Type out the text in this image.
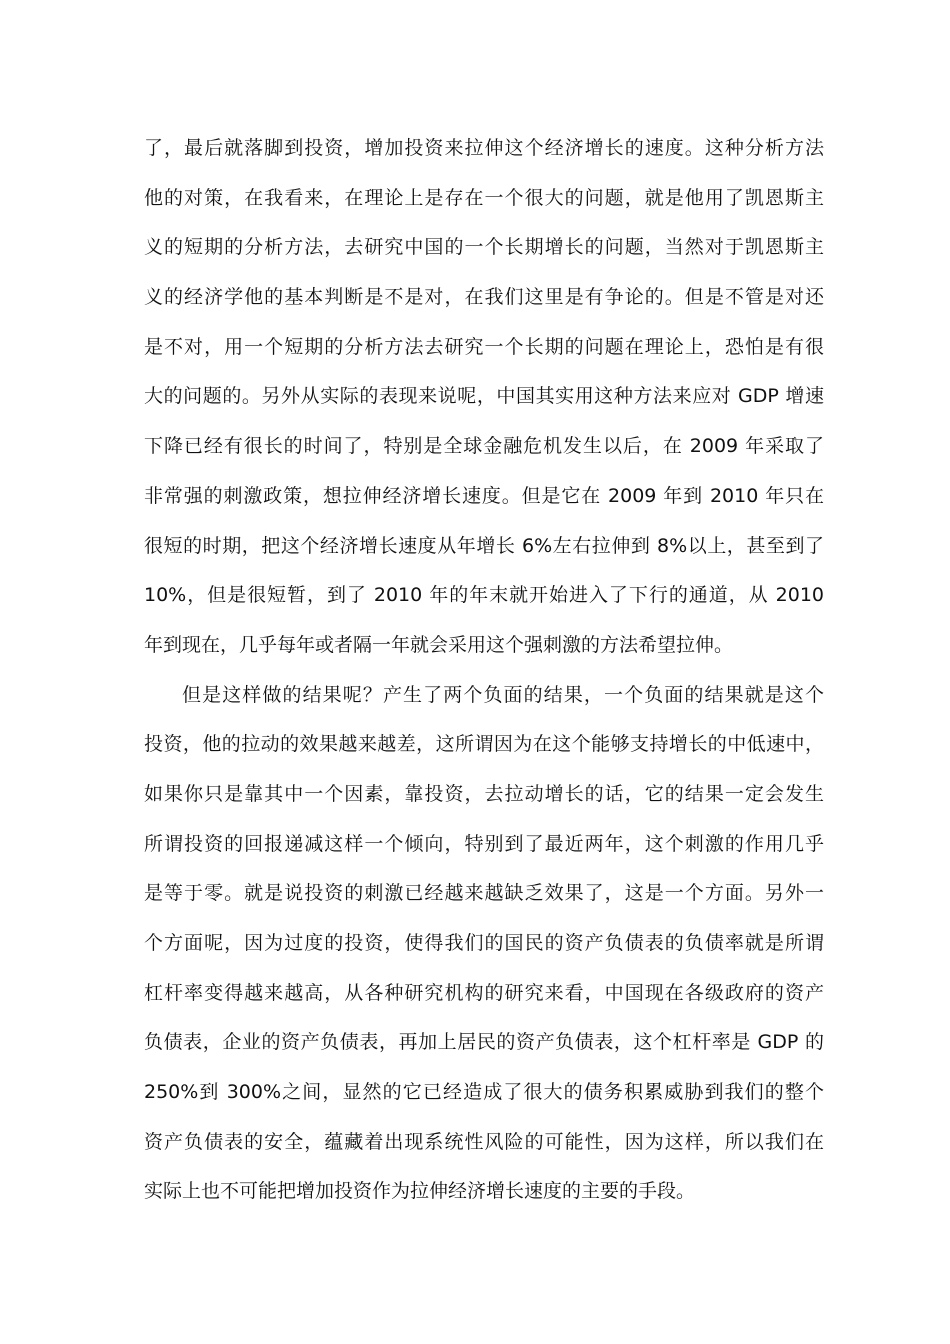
了，最后就落脚到投资，增加投资来拉伸这个经济增长的速度。这种分析方法
他的对策，在我看来，在理论上是存在一个很大的问题，就是他用了凯恩斯主
义的短期的分析方法，去研究中国的一个长期增长的问题，当然对于凯恩斯主
义的经济学他的基本判断是不是对，在我们这里是有争论的。但是不管是对还
是不对，用一个短期的分析方法去研究一个长期的问题在理论上，恐怕是有很
大的问题的。另外从实际的表现来说呢，中国其实用这种方法来应对 GDP 增速
下降已经有很长的时间了，特别是全球金融危机发生以后，在 2009 年采取了
非常强的刺激政策，想拉伸经济增长速度。但是它在 2009 年到 2010 年只在
很短的时期，把这个经济增长速度从年增长 6%左右拉伸到 8%以上，甚至到了
10%，但是很短暂，到了 2010 年的年末就开始进入了下行的通道，从 2010
年到现在，几乎每年或者隔一年就会采用这个强刺激的方法希望拉伸。
但是这样做的结果呢？产生了两个负面的结果，一个负面的结果就是这个
投资，他的拉动的效果越来越差，这所谓因为在这个能够支持增长的中低速中，
如果你只是靠其中一个因素，靠投资，去拉动增长的话，它的结果一定会发生
所谓投资的回报递减这样一个倾向，特别到了最近两年，这个刺激的作用几乎
是等于零。就是说投资的刺激已经越来越缺乏效果了，这是一个方面。另外一
个方面呢，因为过度的投资，使得我们的国民的资产负债表的负债率就是所谓
杠杆率变得越来越高，从各种研究机构的研究来看，中国现在各级政府的资产
负债表，企业的资产负债表，再加上居民的资产负债表，这个杠杆率是 GDP 的
250%到 300%之间，显然的它已经造成了很大的债务积累威胁到我们的整个
资产负债表的安全，蕴藏着出现系统性风险的可能性，因为这样，所以我们在
实际上也不可能把增加投资作为拉伸经济增长速度的主要的手段。
